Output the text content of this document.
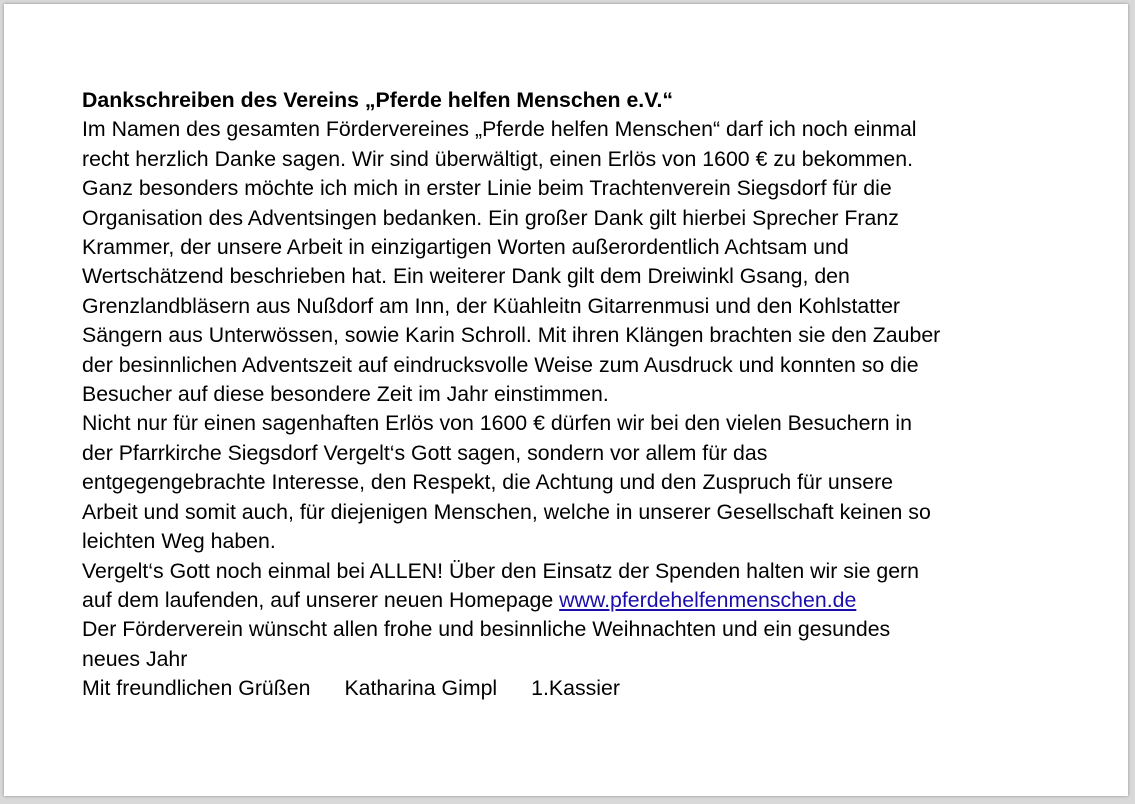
Dankschreiben des Vereins „Pferde helfen Menschen e.V.“
Im Namen des gesamten Fördervereines „Pferde helfen Menschen“ darf ich noch einmal
recht herzlich Danke sagen. Wir sind überwältigt, einen Erlös von 1600 € zu bekommen.
Ganz besonders möchte ich mich in erster Linie beim Trachtenverein Siegsdorf für die
Organisation des Adventsingen bedanken. Ein großer Dank gilt hierbei Sprecher Franz
Krammer, der unsere Arbeit in einzigartigen Worten außerordentlich Achtsam und
Wertschätzend beschrieben hat. Ein weiterer Dank gilt dem Dreiwinkl Gsang, den
Grenzlandbläsern aus Nußdorf am Inn, der Küahleitn Gitarrenmusi und den Kohlstatter
Sängern aus Unterwössen, sowie Karin Schroll. Mit ihren Klängen brachten sie den Zauber
der besinnlichen Adventszeit auf eindrucksvolle Weise zum Ausdruck und konnten so die
Besucher auf diese besondere Zeit im Jahr einstimmen.
Nicht nur für einen sagenhaften Erlös von 1600 € dürfen wir bei den vielen Besuchern in
der Pfarrkirche Siegsdorf Vergelt‘s Gott sagen, sondern vor allem für das
entgegengebrachte Interesse, den Respekt, die Achtung und den Zuspruch für unsere
Arbeit und somit auch, für diejenigen Menschen, welche in unserer Gesellschaft keinen so
leichten Weg haben.
Vergelt‘s Gott noch einmal bei ALLEN! Über den Einsatz der Spenden halten wir sie gern
auf dem laufenden, auf unserer neuen Homepage www.pferdehelfenmenschen.de
Der Förderverein wünscht allen frohe und besinnliche Weihnachten und ein gesundes
neues Jahr
Mit freundlichen Grüßen Katharina Gimpl 1.Kassier
